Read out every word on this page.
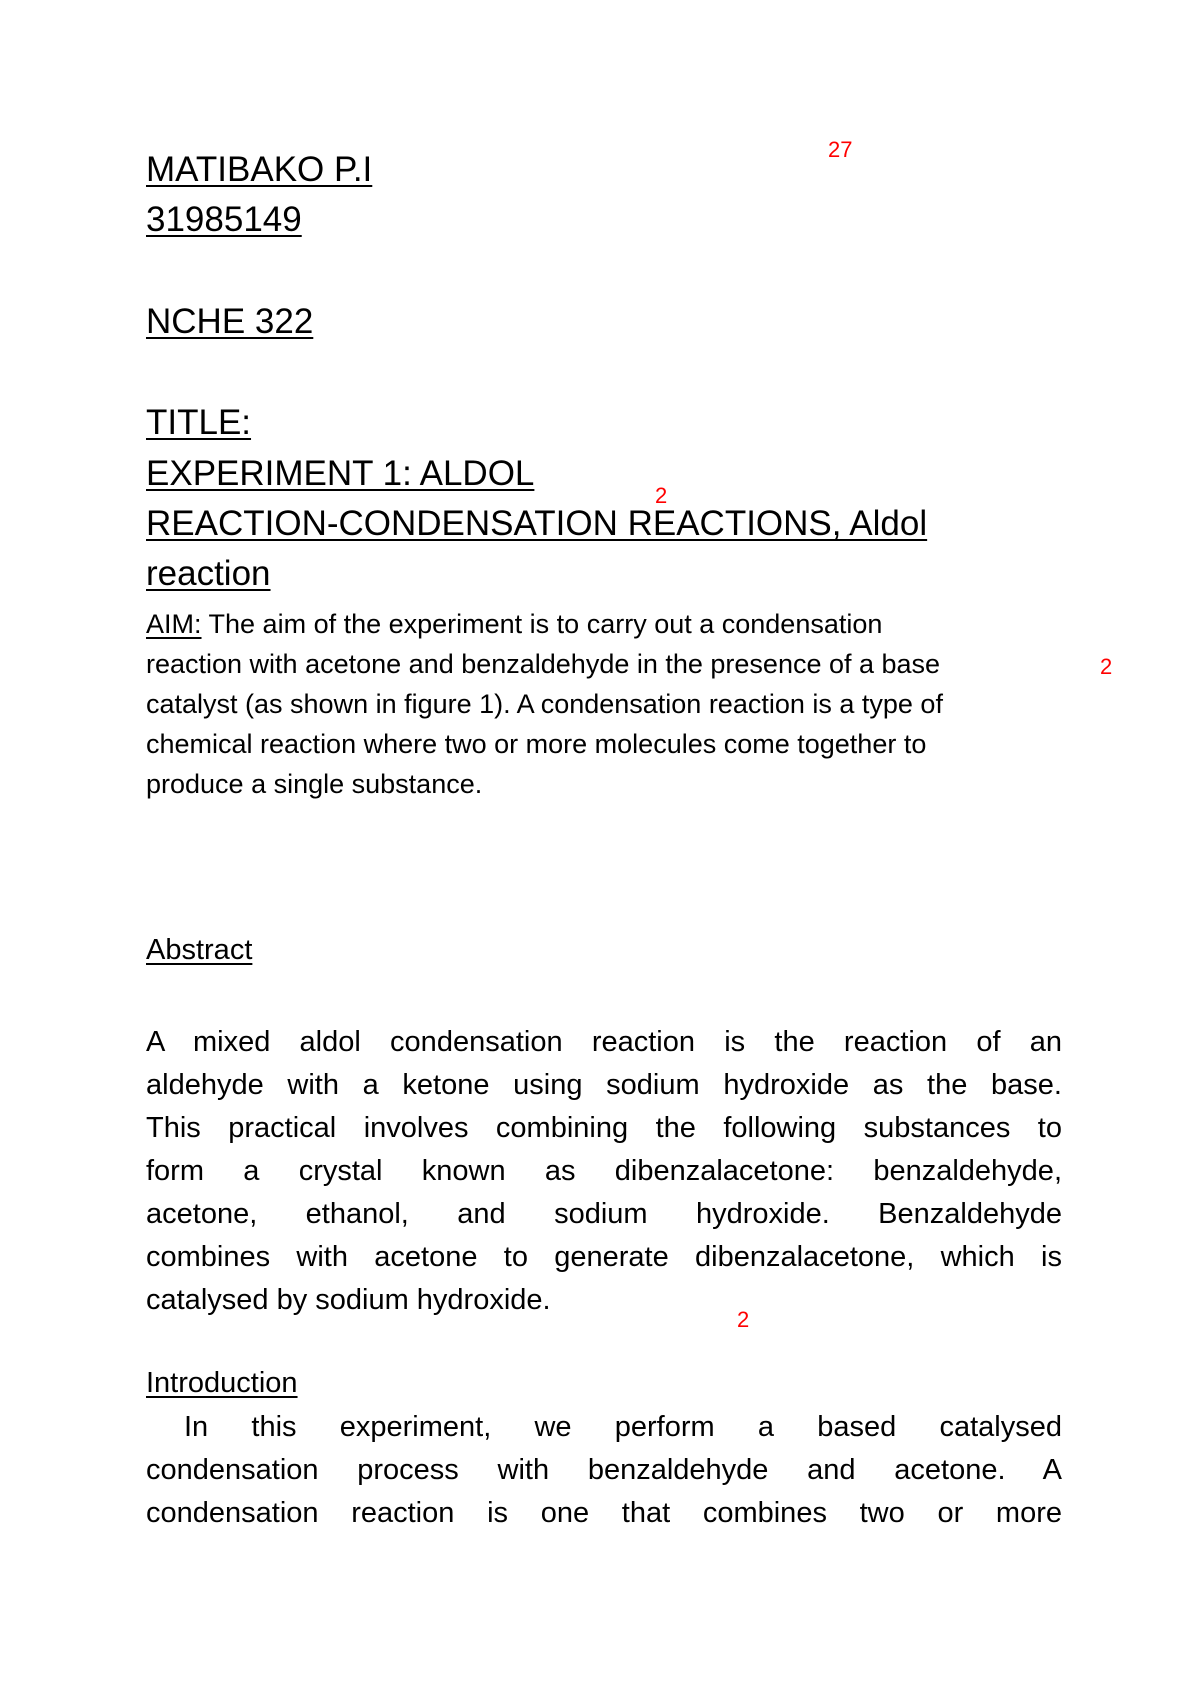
MATIBAKO P.I
31985149
NCHE 322
TITLE:
EXPERIMENT 1: ALDOL
REACTION-CONDENSATION REACTIONS, Aldol
reaction
27
2
2
2
AIM: The aim of the experiment is to carry out a condensation
reaction with acetone and benzaldehyde in the presence of a base
catalyst (as shown in figure 1). A condensation reaction is a type of
chemical reaction where two or more molecules come together to
produce a single substance.
Abstract
A mixed aldol condensation reaction is the reaction of an
aldehyde with a ketone using sodium hydroxide as the base.
This practical involves combining the following substances to
form a crystal known as dibenzalacetone: benzaldehyde,
acetone, ethanol, and sodium hydroxide. Benzaldehyde
combines with acetone to generate dibenzalacetone, which is
catalysed by sodium hydroxide.
Introduction
In this experiment, we perform a based catalysed
condensation process with benzaldehyde and acetone. A
condensation reaction is one that combines two or more
